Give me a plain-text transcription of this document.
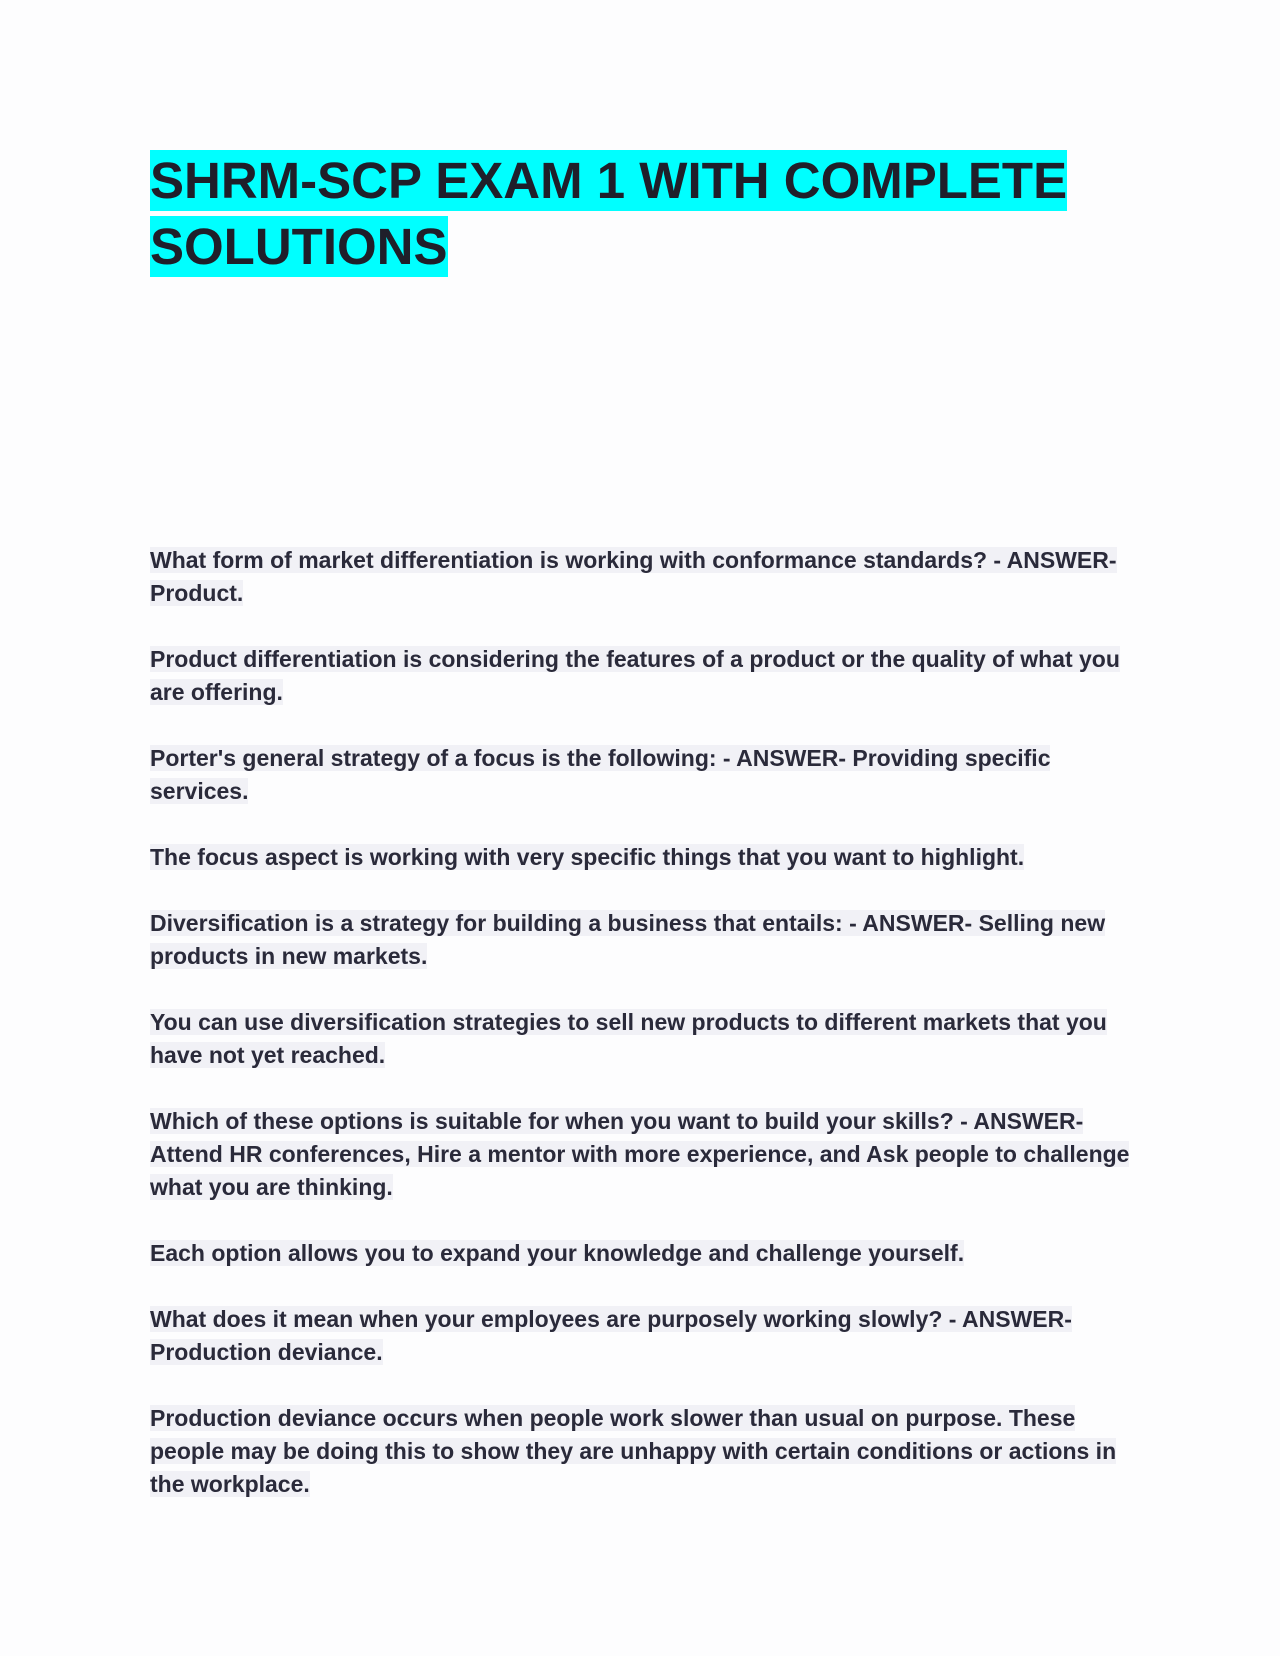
SHRM-SCP EXAM 1 WITH COMPLETE SOLUTIONS

What form of market differentiation is working with conformance standards? - ANSWER- Product.

Product differentiation is considering the features of a product or the quality of what you are offering.

Porter's general strategy of a focus is the following: - ANSWER- Providing specific services.

The focus aspect is working with very specific things that you want to highlight.

Diversification is a strategy for building a business that entails: - ANSWER- Selling new products in new markets.

You can use diversification strategies to sell new products to different markets that you have not yet reached.

Which of these options is suitable for when you want to build your skills? - ANSWER- Attend HR conferences, Hire a mentor with more experience, and Ask people to challenge what you are thinking.

Each option allows you to expand your knowledge and challenge yourself.

What does it mean when your employees are purposely working slowly? - ANSWER- Production deviance.

Production deviance occurs when people work slower than usual on purpose. These people may be doing this to show they are unhappy with certain conditions or actions in the workplace.
